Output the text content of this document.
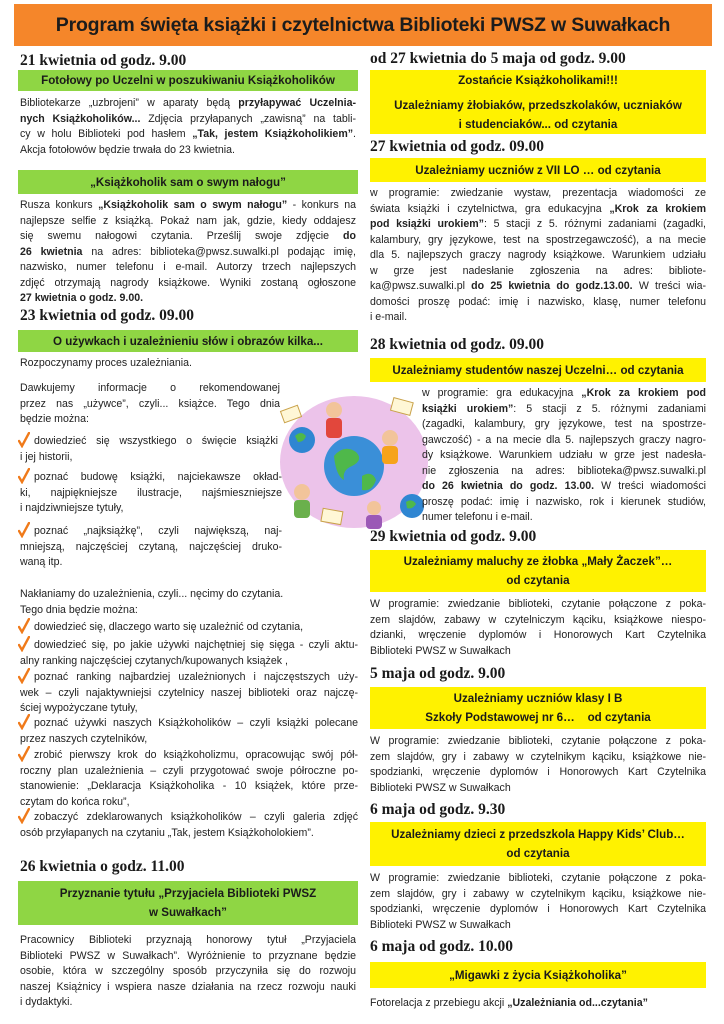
Program święta książki i czytelnictwa Biblioteki PWSZ w Suwałkach
21 kwietnia od godz. 9.00
Fotołowy po Uczelni w poszukiwaniu Książkoholików
Bibliotekarze „uzbrojeni” w aparaty będą przyłapywać Uczelnia-
nych Książkoholików... Zdjęcia przyłapanych „zawisną” na tabli-
cy w holu Biblioteki pod hasłem „Tak, jestem Książkoholikiem”.
Akcja fotołowów będzie trwała do 23 kwietnia.
„Książkoholik sam o swym nałogu”
Rusza konkurs „Książkoholik sam o swym nałogu” - konkurs na
najlepsze selfie z książką. Pokaż nam jak, gdzie, kiedy oddajesz
się swemu nałogowi czytania. Prześlij swoje zdjęcie do
26 kwietnia na adres: biblioteka@pwsz.suwalki.pl podając imię,
nazwisko, numer telefonu i e-mail. Autorzy trzech najlepszych
zdjęć otrzymają nagrody książkowe. Wyniki zostaną ogłoszone
27 kwietnia o godz. 9.00.
23 kwietnia od godz. 09.00
O używkach i uzależnieniu słów i obrazów kilka...
Rozpoczynamy proces uzależniania.
Dawkujemy informacje o rekomendowanej
przez nas „używce”, czyli... książce. Tego dnia
będzie można:
dowiedzieć się wszystkiego o święcie książki
i jej historii,
poznać budowę książki, najciekawsze okład-
ki, najpiękniejsze ilustracje, najśmieszniejsze
i najdziwniejsze tytuły,
poznać „najksiążkę”, czyli największą, naj-
mniejszą, najczęściej czytaną, najczęściej druko-
waną itp.
Nakłaniamy do uzależnienia, czyli... nęcimy do czytania.
Tego dnia będzie można:
dowiedzieć się, dlaczego warto się uzależnić od czytania,
dowiedzieć się, po jakie używki najchętniej się sięga - czyli aktu-
alny ranking najczęściej czytanych/kupowanych książek ,
poznać ranking najbardziej uzależnionych i najczęstszych uży-
wek – czyli najaktywniejsi czytelnicy naszej biblioteki oraz najczę-
ściej wypożyczane tytuły,
poznać używki naszych Książkoholików – czyli książki polecane
przez naszych czytelników,
zrobić pierwszy krok do książkoholizmu, opracowując swój pół-
roczny plan uzależnienia – czyli przygotować swoje półroczne po-
stanowienie: „Deklaracja Książkoholika - 10 książek, które prze-
czytam do końca roku”,
zobaczyć zdeklarowanych książkoholików – czyli galeria zdjęć
osób przyłapanych na czytaniu „Tak, jestem Książkoholokiem”.
26 kwietnia o godz. 11.00
Przyznanie tytułu „Przyjaciela Biblioteki PWSZ
w Suwałkach”
Pracownicy Biblioteki przyznają honorowy tytuł „Przyjaciela
Biblioteki PWSZ w Suwałkach”. Wyróżnienie to przyznane będzie
osobie, która w szczególny sposób przyczyniła się do rozwoju
naszej Książnicy i wspiera nasze działania na rzecz rozwoju nauki
i dydaktyki.
od 27 kwietnia do 5 maja od godz. 9.00
Zostańcie Książkoholikami!!!
Uzależniamy żłobiaków, przedszkolaków, uczniaków
i studenciaków... od czytania
27 kwietnia od godz. 09.00
Uzależniamy uczniów z VII LO … od czytania
w programie: zwiedzanie wystaw, prezentacja wiadomości ze
świata książki i czytelnictwa, gra edukacyjna „Krok za krokiem
pod książki urokiem”: 5 stacji z 5. różnymi zadaniami (zagadki,
kalambury, gry językowe, test na spostrzegawczość), a na mecie
dla 5. najlepszych graczy nagrody książkowe. Warunkiem udziału
w grze jest nadesłanie zgłoszenia na adres: bibliote-
ka@pwsz.suwalki.pl do 25 kwietnia do godz.13.00. W treści wia-
domości proszę podać: imię i nazwisko, klasę, numer telefonu
i e-mail.
28 kwietnia od godz. 09.00
Uzależniamy studentów naszej Uczelni… od czytania
w programie: gra edukacyjna „Krok za krokiem pod
książki urokiem”: 5 stacji z 5. różnymi zadaniami
(zagadki, kalambury, gry językowe, test na spostrze-
gawczość) - a na mecie dla 5. najlepszych graczy nagro-
dy książkowe. Warunkiem udziału w grze jest nadesła-
nie zgłoszenia na adres: biblioteka@pwsz.suwalki.pl
do 26 kwietnia do godz. 13.00. W treści wiadomości
proszę podać: imię i nazwisko, rok i kierunek studiów,
numer telefonu i e-mail.
29 kwietnia od godz. 9.00
Uzależniamy maluchy ze żłobka „Mały Żaczek”…
od czytania
W programie: zwiedzanie biblioteki, czytanie połączone z poka-
zem slajdów, zabawy w czytelniczym kąciku, książkowe niespo-
dzianki, wręczenie dyplomów i Honorowych Kart Czytelnika
Biblioteki PWSZ w Suwałkach
5 maja od godz. 9.00
Uzależniamy uczniów klasy I B
Szkoły Podstawowej nr 6…    od czytania
W programie: zwiedzanie biblioteki, czytanie połączone z poka-
zem slajdów, gry i zabawy w czytelnikym kąciku, książkowe nie-
spodzianki, wręczenie dyplomów i Honorowych Kart Czytelnika
Biblioteki PWSZ w Suwałkach
6 maja od godz. 9.30
Uzależniamy dzieci z przedszkola Happy Kids’ Club…
od czytania
W programie: zwiedzanie biblioteki, czytanie połączone z poka-
zem slajdów, gry i zabawy w czytelnikym kąciku, książkowe nie-
spodzianki, wręczenie dyplomów i Honorowych Kart Czytelnika
Biblioteki PWSZ w Suwałkach
6 maja od godz. 10.00
„Migawki z życia Książkoholika”
Fotorelacja z przebiegu akcji „Uzależniania od...czytania”
